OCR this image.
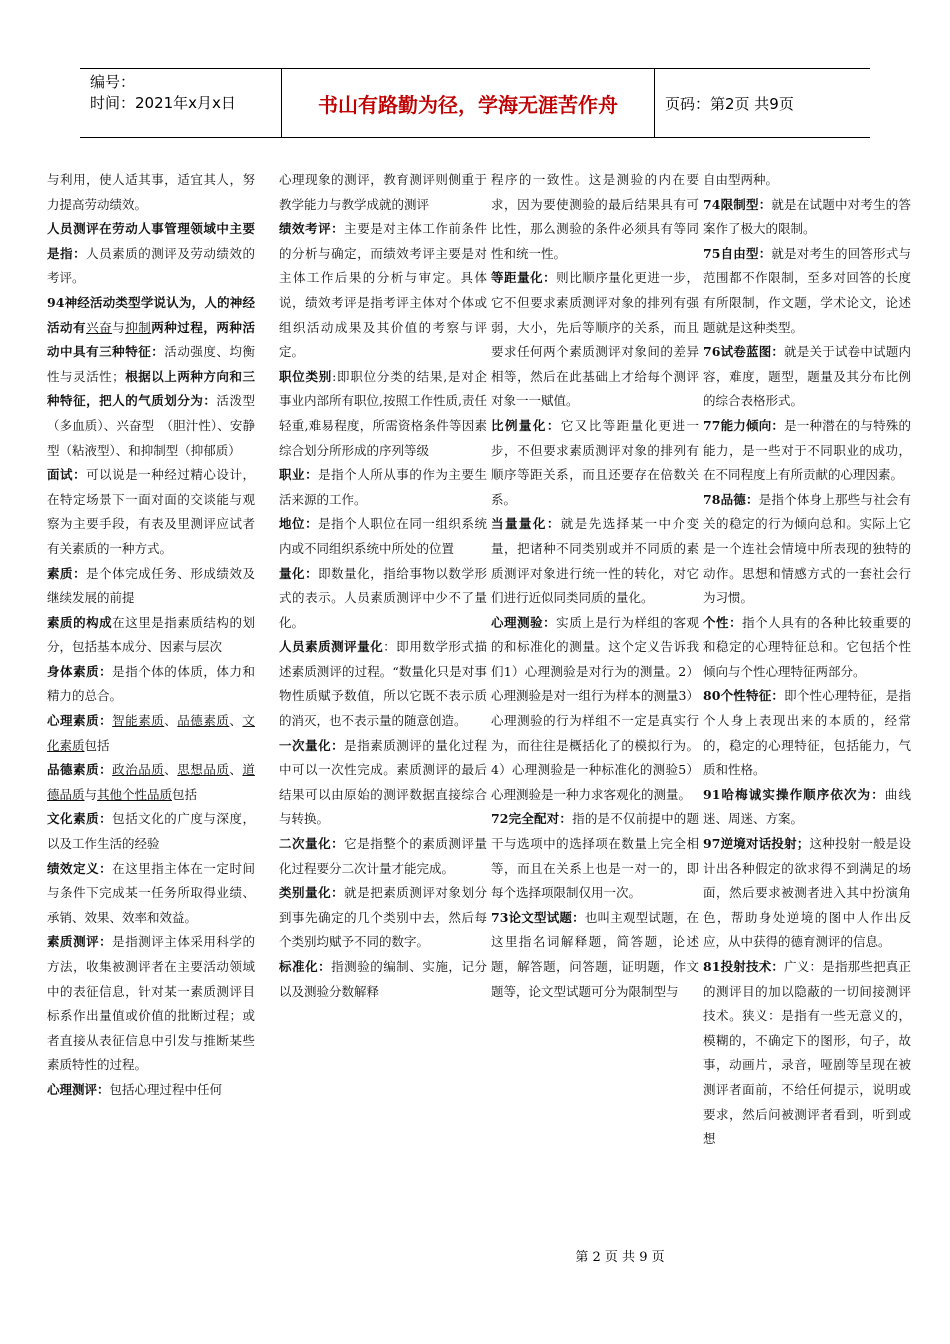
编号：
时间：2021年x月x日	书山有路勤为径，学海无涯苦作舟	页码：第2页 共9页

与利用，使人适其事，适宜其人，努力提高劳动绩效。

人员测评在劳动人事管理领域中主要是指：人员素质的测评及劳动绩效的考评。

94神经活动类型学说认为，人的神经活动有兴奋与抑制两种过程，两种活动中具有三种特征：活动强度、均衡性与灵活性；根据以上两种方向和三种特征，把人的气质划分为：活泼型（多血质）、兴奋型　（胆汁性）、安静型（粘液型）、和抑制型（抑郁质）

面试：可以说是一种经过精心设计，在特定场景下一面对面的交谈能与观察为主要手段，有表及里测评应试者有关素质的一种方式。

素质：是个体完成任务、形成绩效及继续发展的前提

素质的构成在这里是指素质结构的划分，包括基本成分、因素与层次

身体素质：是指个体的体质，体力和精力的总合。

心理素质：智能素质、品德素质、文化素质包括

品德素质：政治品质、思想品质、道德品质与其他个性品质包括

文化素质：包括文化的广度与深度，以及工作生活的经验

绩效定义：在这里指主体在一定时间与条件下完成某一任务所取得业绩、承销、效果、效率和效益。

素质测评：是指测评主体采用科学的方法，收集被测评者在主要活动领域中的表征信息，针对某一素质测评目标系作出量值或价值的批断过程；或者直接从表征信息中引发与推断某些素质特性的过程。

心理测评：包括心理过程中任何

心理现象的测评，教育测评则侧重于教学能力与教学成就的测评

绩效考评：主要是对主体工作前条件的分析与确定，而绩效考评主要是对主体工作后果的分析与审定。具体说，绩效考评是指考评主体对个体或组织活动成果及其价值的考察与评定。

职位类别:即职位分类的结果,是对企事业内部所有职位,按照工作性质,责任轻重,难易程度，所需资格条件等因素综合划分所形成的序列等级

职业：是指个人所从事的作为主要生活来源的工作。

地位：是指个人职位在同一组织系统内或不同组织系统中所处的位置

量化：即数量化，指给事物以数学形式的表示。人员素质测评中少不了量化。

人员素质测评量化：即用数学形式描述素质测评的过程。“数量化只是对事物性质赋予数值，所以它既不表示质的消灭，也不表示量的随意创造。

一次量化：是指素质测评的量化过程中可以一次性完成。素质测评的最后结果可以由原始的测评数据直接综合与转换。

二次量化：它是指整个的素质测评量化过程要分二次计量才能完成。

类别量化：就是把素质测评对象划分到事先确定的几个类别中去，然后每个类别均赋予不同的数字。

标准化：指测验的编制、实施，记分以及测验分数解释

程序的一致性。这是测验的内在要求，因为要使测验的最后结果具有可比性，那么测验的条件必须具有等同性和统一性。

等距量化：则比顺序量化更进一步，它不但要求素质测评对象的排列有强弱，大小，先后等顺序的关系，而且要求任何两个素质测评对象间的差异相等，然后在此基础上才给每个测评对象一一赋值。

比例量化：它又比等距量化更进一步，不但要求素质测评对象的排列有顺序等距关系，而且还要存在倍数关系。

当量量化：就是先选择某一中介变量，把诸种不同类别或并不同质的素质测评对象进行统一性的转化，对它们进行近似同类同质的量化。

心理测验：实质上是行为样组的客观的和标准化的测量。这个定义告诉我们1）心理测验是对行为的测量。2）心理测验是对一组行为样本的测量3）心理测验的行为样组不一定是真实行为，而往往是概括化了的模拟行为。4）心理测验是一种标准化的测验5）心理测验是一种力求客观化的测量。

72完全配对：指的是不仅前提中的题干与选项中的选择项在数量上完全相等，而且在关系上也是一对一的，即每个选择项限制仅用一次。

73论文型试题：也叫主观型试题，在这里指名词解释题，简答题，论述题，解答题，问答题，证明题，作文题等，论文型试题可分为限制型与

自由型两种。

74限制型：就是在试题中对考生的答案作了极大的限制。

75自由型：就是对考生的回答形式与范围都不作限制，至多对回答的长度有所限制，作文题，学术论文，论述题就是这种类型。

76试卷蓝图：就是关于试卷中试题内容，难度，题型，题量及其分布比例的综合表格形式。

77能力倾向：是一种潜在的与特殊的能力，是一些对于不同职业的成功，在不同程度上有所贡献的心理因素。

78品德：是指个体身上那些与社会有关的稳定的行为倾向总和。实际上它是一个连社会情境中所表现的独特的动作。思想和情感方式的一套社会行为习惯。

个性：指个人具有的各种比较重要的和稳定的心理特征总和。它包括个性倾向与个性心理特征两部分。

80个性特征：即个性心理特征，是指个人身上表现出来的本质的，经常的，稳定的心理特征，包括能力，气质和性格。

91哈梅诚实操作顺序依次为：曲线迷、周迷、方案。

97逆境对话投射；这种投射一般是设计出各种假定的欲求得不到满足的场面，然后要求被测者进入其中扮演角色，帮助身处逆境的图中人作出反应，从中获得的德育测评的信息。

81投射技术：广义：是指那些把真正的测评目的加以隐蔽的一切间接测评技术。狭义：是指有一些无意义的，模糊的，不确定下的图形，句子，故事，动画片，录音，哑剧等呈现在被测评者面前，不给任何提示，说明或要求，然后问被测评者看到，听到或想

第 2 页 共 9 页
